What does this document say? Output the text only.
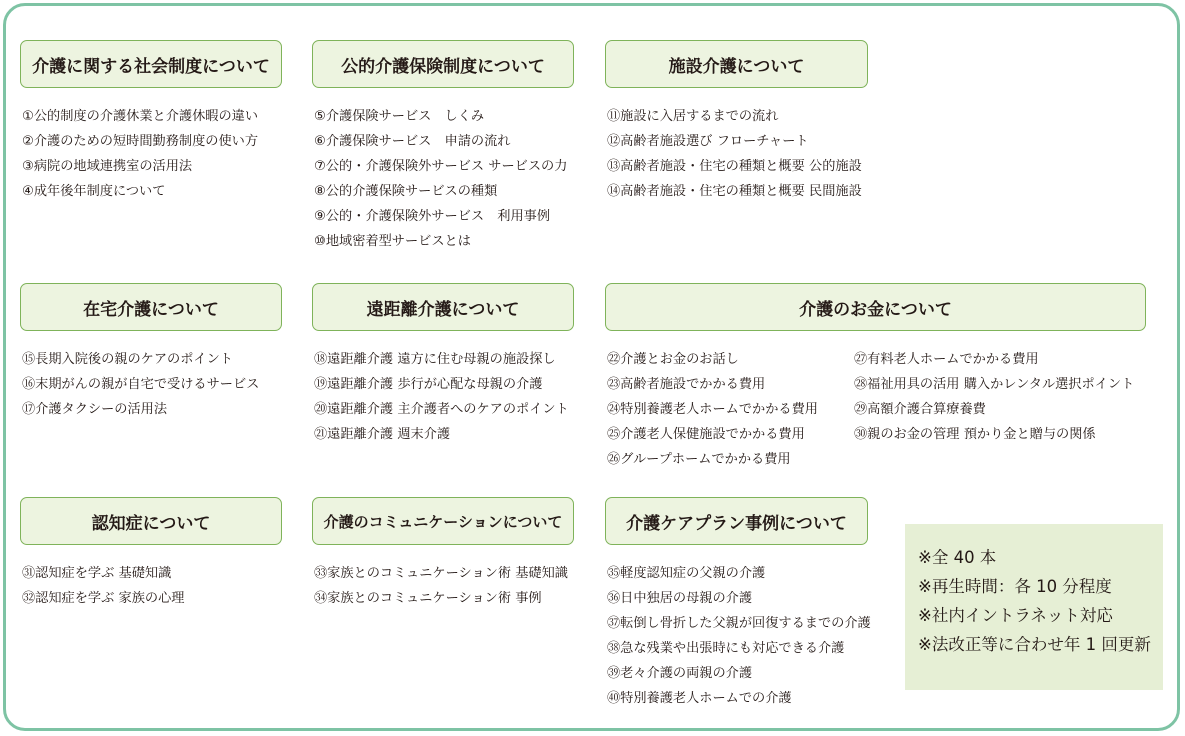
介護に関する社会制度について
①公的制度の介護休業と介護休暇の違い
②介護のための短時間勤務制度の使い方
③病院の地域連携室の活用法
④成年後年制度について
公的介護保険制度について
⑤介護保険サービス　しくみ
⑥介護保険サービス　申請の流れ
⑦公的・介護保険外サービス サービスの力
⑧公的介護保険サービスの種類
⑨公的・介護保険外サービス　利用事例
⑩地域密着型サービスとは
施設介護について
⑪施設に入居するまでの流れ
⑫高齢者施設選び フローチャート
⑬高齢者施設・住宅の種類と概要 公的施設
⑭高齢者施設・住宅の種類と概要 民間施設
在宅介護について
⑮長期入院後の親のケアのポイント
⑯末期がんの親が自宅で受けるサービス
⑰介護タクシーの活用法
遠距離介護について
⑱遠距離介護 遠方に住む母親の施設探し
⑲遠距離介護 歩行が心配な母親の介護
⑳遠距離介護 主介護者へのケアのポイント
㉑遠距離介護 週末介護
介護のお金について
㉒介護とお金のお話し
㉓高齢者施設でかかる費用
㉔特別養護老人ホームでかかる費用
㉕介護老人保健施設でかかる費用
㉖グループホームでかかる費用
㉗有料老人ホームでかかる費用
㉘福祉用具の活用 購入かレンタル選択ポイント
㉙高額介護合算療養費
㉚親のお金の管理 預かり金と贈与の関係
認知症について
㉛認知症を学ぶ 基礎知識
㉜認知症を学ぶ 家族の心理
介護のコミュニケーションについて
㉝家族とのコミュニケーション術 基礎知識
㉞家族とのコミュニケーション術 事例
介護ケアプラン事例について
㉟軽度認知症の父親の介護
㊱日中独居の母親の介護
㊲転倒し骨折した父親が回復するまでの介護
㊳急な残業や出張時にも対応できる介護
㊴老々介護の両親の介護
㊵特別養護老人ホームでの介護
※全 40 本
※再生時間：各 10 分程度
※社内イントラネット対応
※法改正等に合わせ年 1 回更新
